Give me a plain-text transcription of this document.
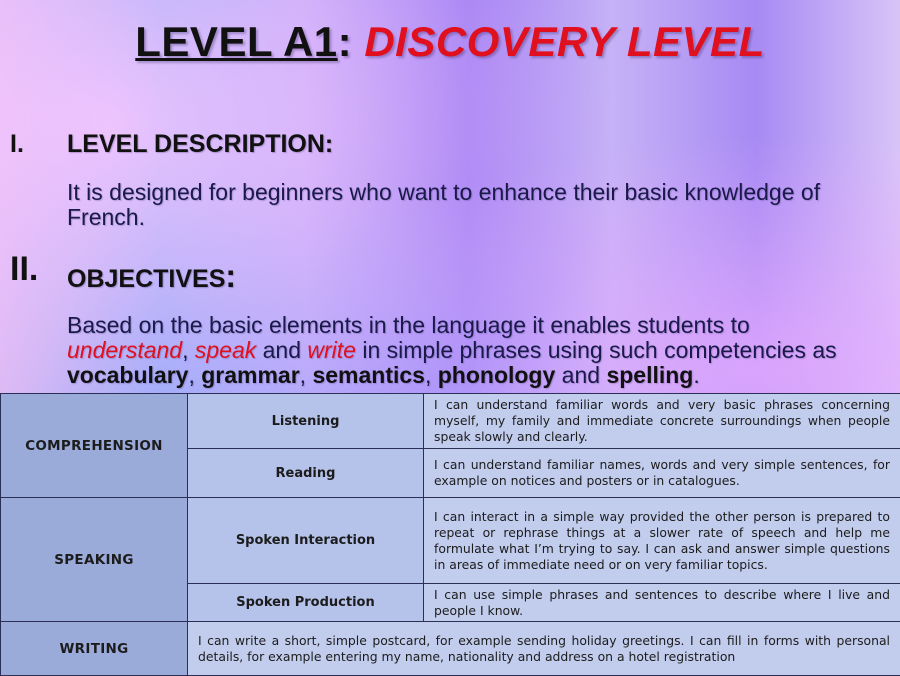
LEVEL A1: DISCOVERY LEVEL
I. LEVEL DESCRIPTION:
It is designed for beginners who want to enhance their basic knowledge of French.
II. OBJECTIVES:
Based on the basic elements in the language it enables students to understand, speak and write in simple phrases using such competencies as vocabulary, grammar, semantics, phonology and spelling.
COMPREHENSION	Listening	I can understand familiar words and very basic phrases concerning myself, my family and immediate concrete surroundings when people speak slowly and clearly.

	Reading	I can understand familiar names, words and very simple sentences, for example on notices and posters or in catalogues.

SPEAKING	Spoken Interaction	I can interact in a simple way provided the other person is prepared to repeat or rephrase things at a slower rate of speech and help me formulate what I’m trying to say. I can ask and answer simple questions in areas of immediate need or on very familiar topics.

	Spoken Production	I can use simple phrases and sentences to describe where I live and people I know.

WRITING	I can write a short, simple postcard, for example sending holiday greetings. I can fill in forms with personal details, for example entering my name, nationality and address on a hotel registration	
